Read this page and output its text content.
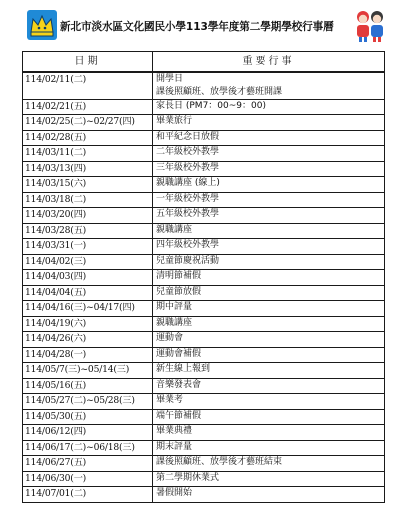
新北市淡水區文化國民小學113學年度第二學期學校行事曆
日期	重要行事
114/02/11(二)	開學日
課後照顧班、放學後才藝班開課

114/02/21(五)	家長日 (PM7：00~9：00)

114/02/25(二)~02/27(四)	畢業旅行

114/02/28(五)	和平紀念日放假

114/03/11(二)	二年級校外教學

114/03/13(四)	三年級校外教學

114/03/15(六)	親職講座 (線上)

114/03/18(二)	一年級校外教學

114/03/20(四)	五年級校外教學

114/03/28(五)	親職講座

114/03/31(一)	四年級校外教學

114/04/02(三)	兒童節慶祝活動

114/04/03(四)	清明節補假

114/04/04(五)	兒童節放假

114/04/16(三)~04/17(四)	期中評量

114/04/19(六)	親職講座

114/04/26(六)	運動會

114/04/28(一)	運動會補假

114/05/7(三)~05/14(三)	新生線上報到

114/05/16(五)	音樂發表會

114/05/27(二)~05/28(三)	畢業考

114/05/30(五)	端午節補假

114/06/12(四)	畢業典禮

114/06/17(二)~06/18(三)	期末評量

114/06/27(五)	課後照顧班、放學後才藝班結束

114/06/30(一)	第二學期休業式

114/07/01(二)	暑假開始
